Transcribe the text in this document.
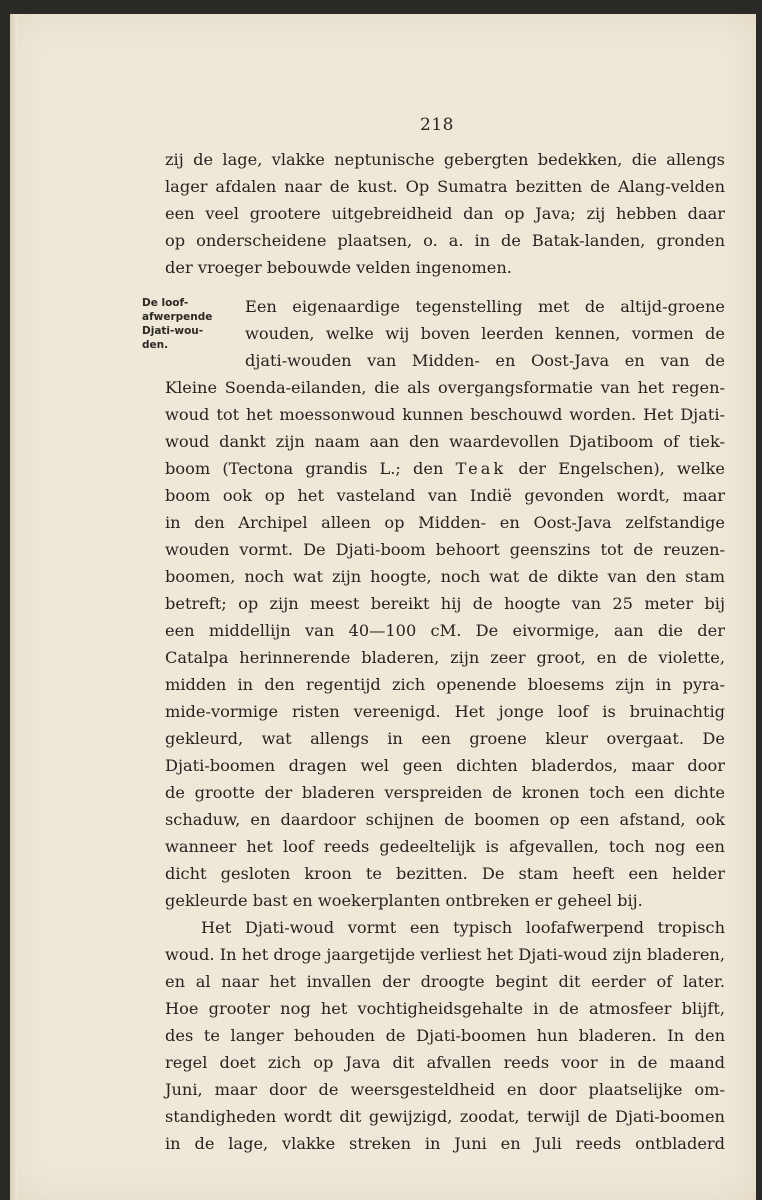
218
De loof-
afwerpende
Djati-wou-
den.
zij de lage, vlakke neptunische gebergten bedekken, die allengs
lager afdalen naar de kust. Op Sumatra bezitten de Alang-velden
een veel grootere uitgebreidheid dan op Java; zij hebben daar
op onderscheidene plaatsen, o. a. in de Batak-landen, gronden
der vroeger bebouwde velden ingenomen.
Een eigenaardige tegenstelling met de altijd-groene
wouden, welke wij boven leerden kennen, vormen de
djati-wouden van Midden- en Oost-Java en van de
Kleine Soenda-eilanden, die als overgangsformatie van het regen-
woud tot het moessonwoud kunnen beschouwd worden. Het Djati-
woud dankt zijn naam aan den waardevollen Djatiboom of tiek-
boom (Tectona grandis L.; den Teak der Engelschen), welke
boom ook op het vasteland van Indië gevonden wordt, maar
in den Archipel alleen op Midden- en Oost-Java zelfstandige
wouden vormt. De Djati-boom behoort geenszins tot de reuzen-
boomen, noch wat zijn hoogte, noch wat de dikte van den stam
betreft; op zijn meest bereikt hij de hoogte van 25 meter bij
een middellijn van 40—100 cM. De eivormige, aan die der
Catalpa herinnerende bladeren, zijn zeer groot, en de violette,
midden in den regentijd zich openende bloesems zijn in pyra-
mide-vormige risten vereenigd. Het jonge loof is bruinachtig
gekleurd, wat allengs in een groene kleur overgaat. De
Djati-boomen dragen wel geen dichten bladerdos, maar door
de grootte der bladeren verspreiden de kronen toch een dichte
schaduw, en daardoor schijnen de boomen op een afstand, ook
wanneer het loof reeds gedeeltelijk is afgevallen, toch nog een
dicht gesloten kroon te bezitten. De stam heeft een helder
gekleurde bast en woekerplanten ontbreken er geheel bij.
Het Djati-woud vormt een typisch loofafwerpend tropisch
woud. In het droge jaargetijde verliest het Djati-woud zijn bladeren,
en al naar het invallen der droogte begint dit eerder of later.
Hoe grooter nog het vochtigheidsgehalte in de atmosfeer blijft,
des te langer behouden de Djati-boomen hun bladeren. In den
regel doet zich op Java dit afvallen reeds voor in de maand
Juni, maar door de weersgesteldheid en door plaatselijke om-
standigheden wordt dit gewijzigd, zoodat, terwijl de Djati-boomen
in de lage, vlakke streken in Juni en Juli reeds ontbladerd
